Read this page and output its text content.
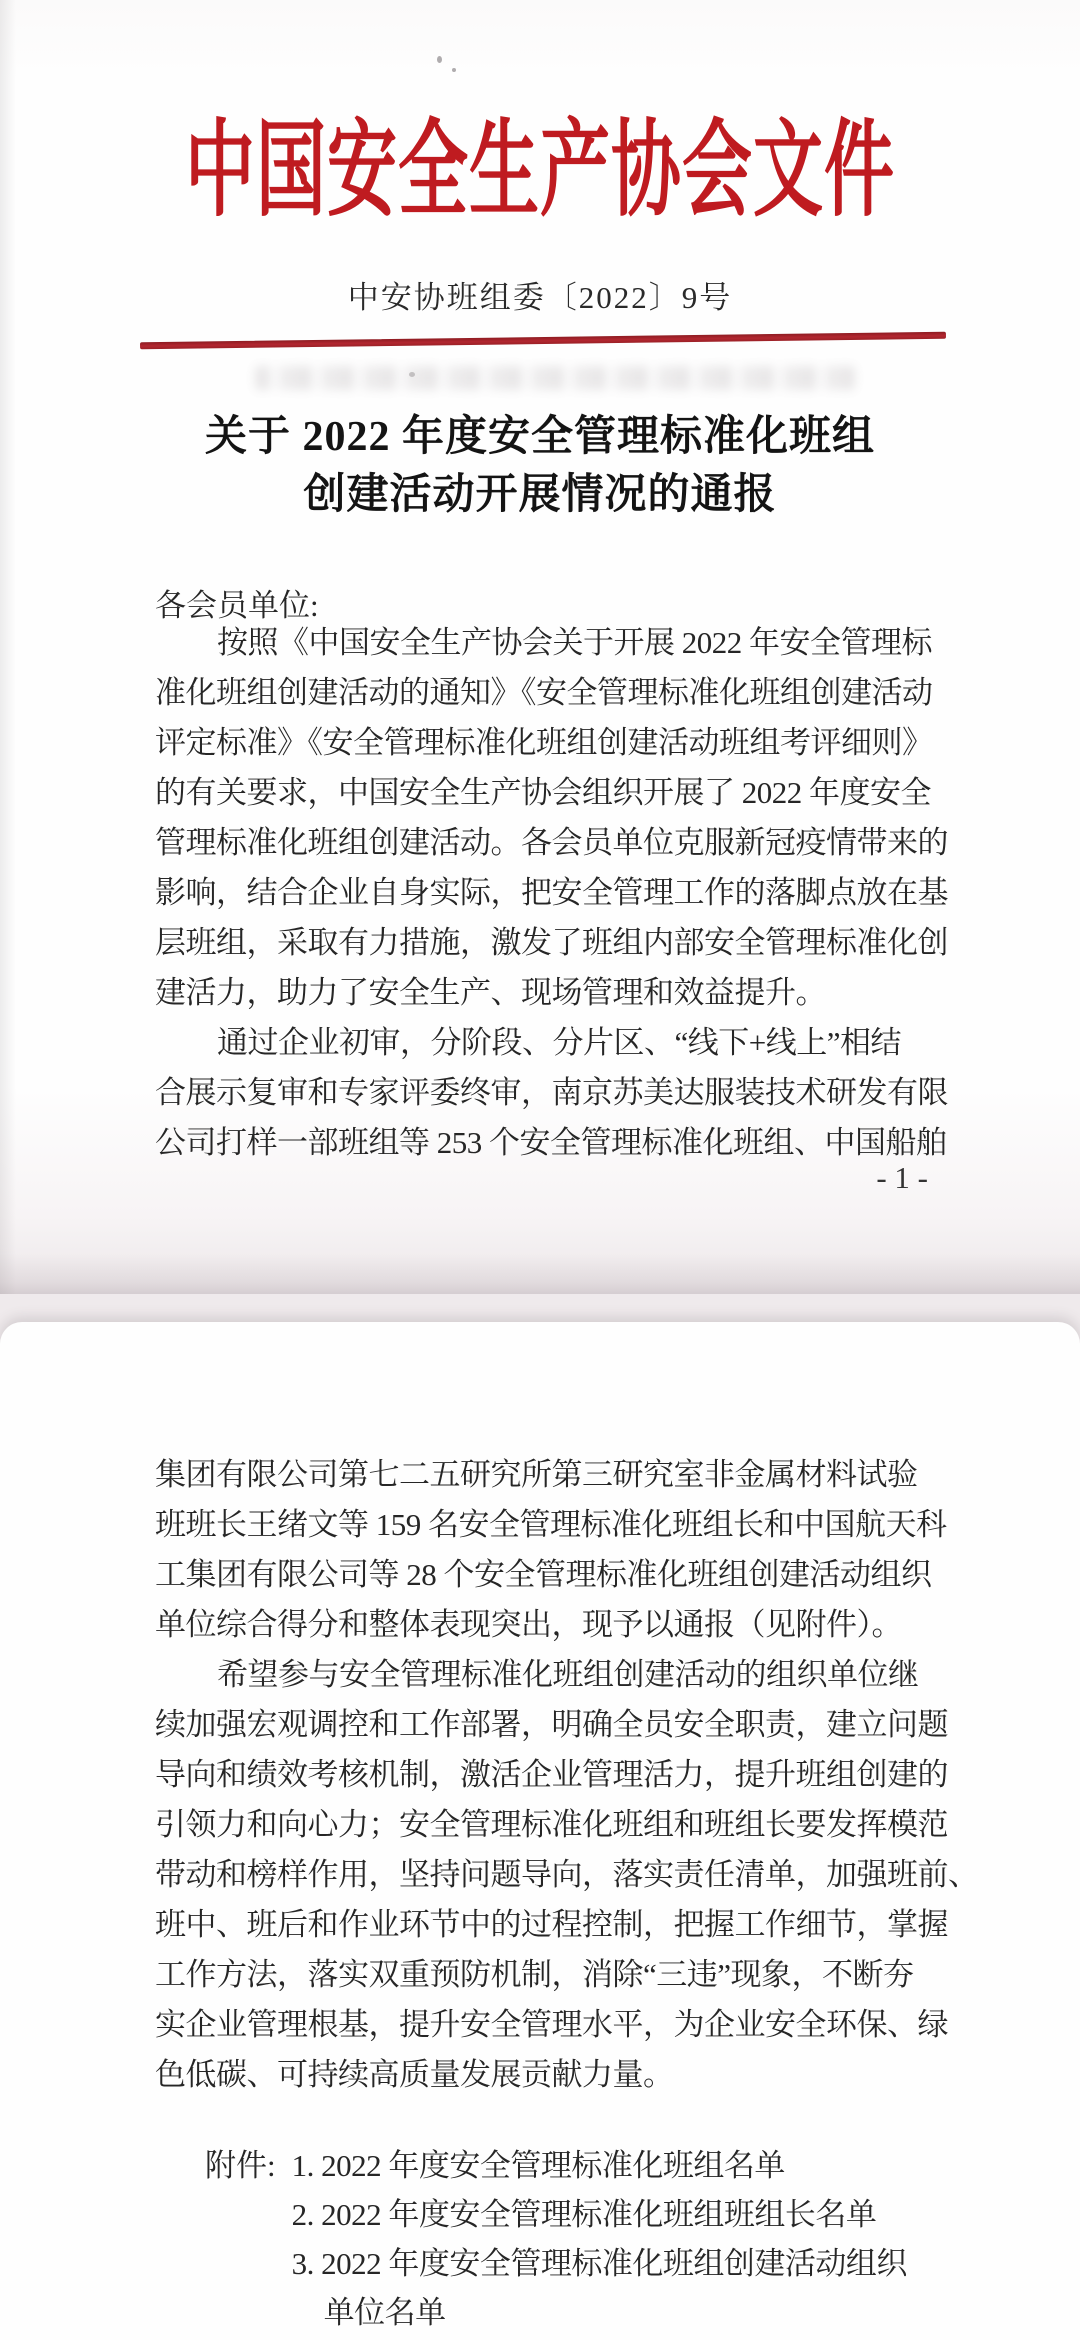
中国安全生产协会文件
中安协班组委〔2022〕9号
关于 2022 年度安全管理标准化班组
创建活动开展情况的通报
各会员单位:
按照《中国安全生产协会关于开展 2022 年安全管理标
准化班组创建活动的通知》《安全管理标准化班组创建活动
评定标准》《安全管理标准化班组创建活动班组考评细则》
的有关要求，中国安全生产协会组织开展了 2022 年度安全
管理标准化班组创建活动。各会员单位克服新冠疫情带来的
影响，结合企业自身实际，把安全管理工作的落脚点放在基
层班组，采取有力措施，激发了班组内部安全管理标准化创
建活力，助力了安全生产、现场管理和效益提升。
通过企业初审，分阶段、分片区、“线下+线上”相结
合展示复审和专家评委终审，南京苏美达服装技术研发有限
公司打样一部班组等 253 个安全管理标准化班组、中国船舶
- 1 -
集团有限公司第七二五研究所第三研究室非金属材料试验
班班长王绪文等 159 名安全管理标准化班组长和中国航天科
工集团有限公司等 28 个安全管理标准化班组创建活动组织
单位综合得分和整体表现突出，现予以通报（见附件）。
希望参与安全管理标准化班组创建活动的组织单位继
续加强宏观调控和工作部署，明确全员安全职责，建立问题
导向和绩效考核机制，激活企业管理活力，提升班组创建的
引领力和向心力；安全管理标准化班组和班组长要发挥模范
带动和榜样作用，坚持问题导向，落实责任清单，加强班前、
班中、班后和作业环节中的过程控制，把握工作细节，掌握
工作方法，落实双重预防机制，消除“三违”现象，不断夯
实企业管理根基，提升安全管理水平，为企业安全环保、绿
色低碳、可持续高质量发展贡献力量。
附件: 1. 2022 年度安全管理标准化班组名单
2. 2022 年度安全管理标准化班组班组长名单
3. 2022 年度安全管理标准化班组创建活动组织
单位名单
